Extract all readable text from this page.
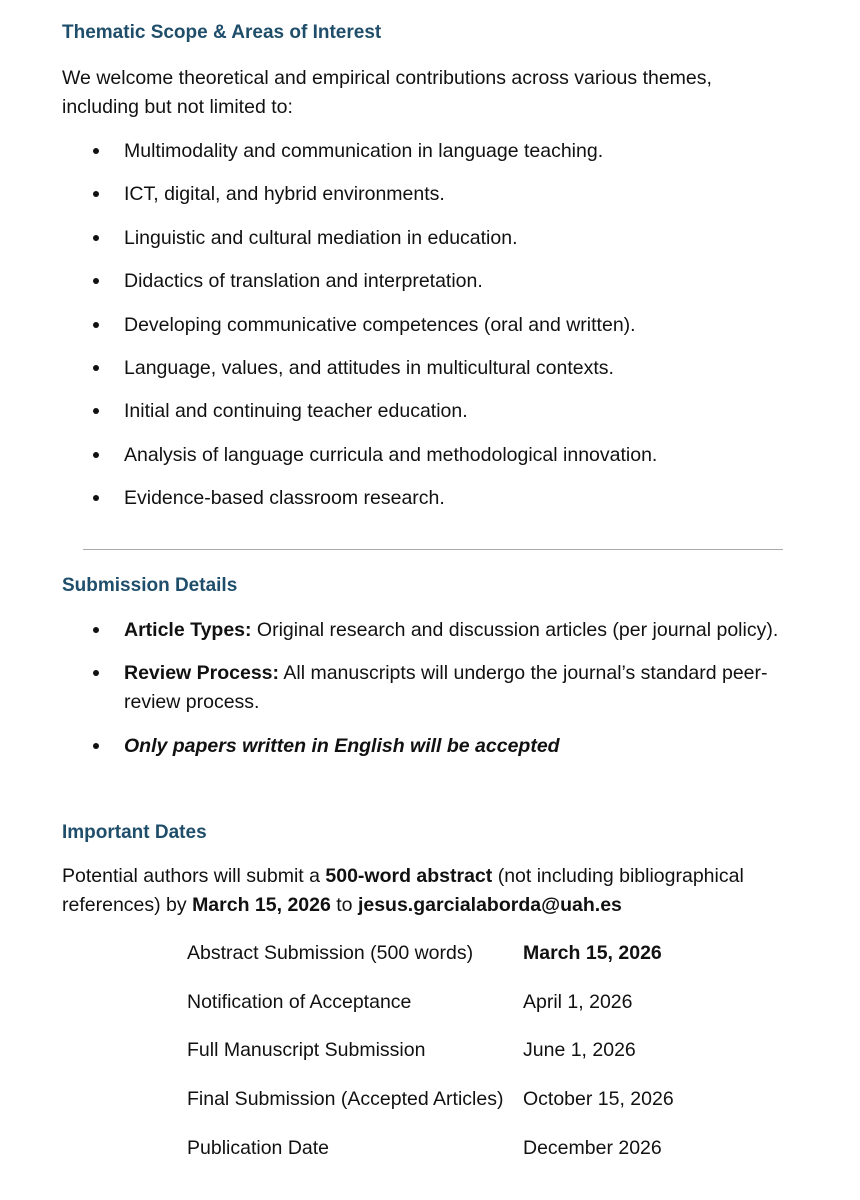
Thematic Scope & Areas of Interest

We welcome theoretical and empirical contributions across various themes,
including but not limited to:

Multimodality and communication in language teaching.
ICT, digital, and hybrid environments.
Linguistic and cultural mediation in education.
Didactics of translation and interpretation.
Developing communicative competences (oral and written).
Language, values, and attitudes in multicultural contexts.
Initial and continuing teacher education.
Analysis of language curricula and methodological innovation.
Evidence-based classroom research.
Submission Details
Article Types: Original research and discussion articles (per journal policy).
Review Process: All manuscripts will undergo the journal’s standard peer-
review process.
Only papers written in English will be accepted
Important Dates

Potential authors will submit a 500-word abstract (not including bibliographical
references) by March 15, 2026 to jesus.garcialaborda@uah.es

Abstract Submission (500 words)	March 15, 2026
Notification of Acceptance	April 1, 2026
Full Manuscript Submission	June 1, 2026
Final Submission (Accepted Articles) October 15, 2026
Publication Date	December 2026
